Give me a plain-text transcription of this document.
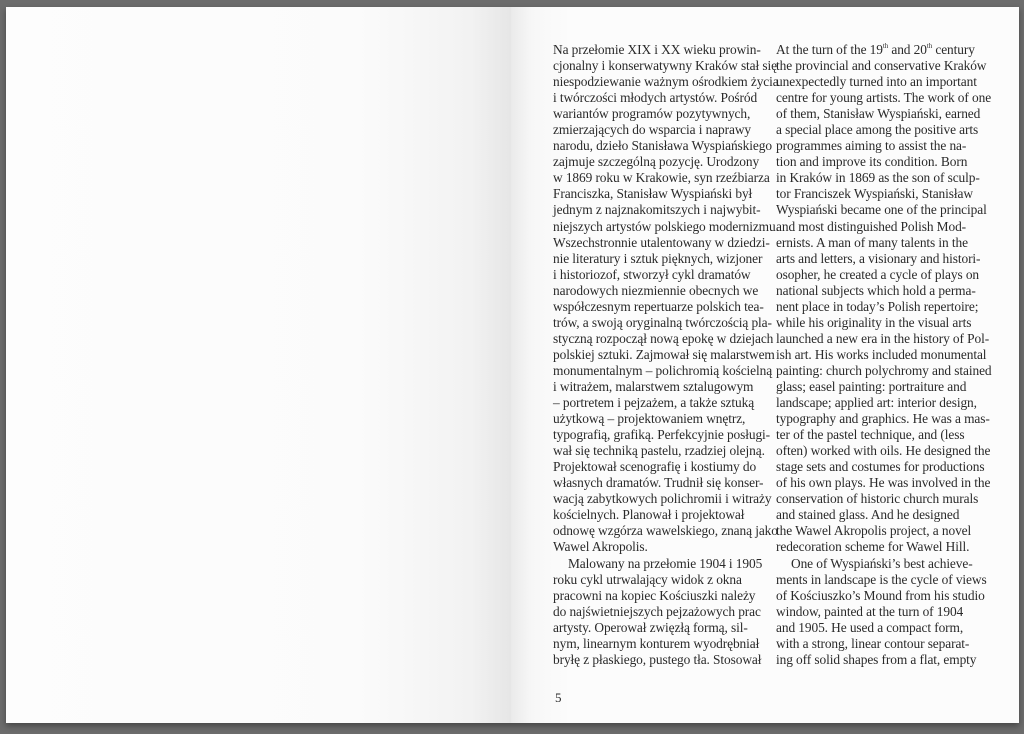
Na przełomie XIX i XX wieku prowin-
cjonalny i konserwatywny Kraków stał się
niespodziewanie ważnym ośrodkiem życia
i twórczości młodych artystów. Pośród
wariantów programów pozytywnych,
zmierzających do wsparcia i naprawy
narodu, dzieło Stanisława Wyspiańskiego
zajmuje szczególną pozycję. Urodzony
w 1869 roku w Krakowie, syn rzeźbiarza
Franciszka, Stanisław Wyspiański był
jednym z najznakomitszych i najwybit-
niejszych artystów polskiego modernizmu.
Wszechstronnie utalentowany w dziedzi-
nie literatury i sztuk pięknych, wizjoner
i historiozof, stworzył cykl dramatów
narodowych niezmiennie obecnych we
współczesnym repertuarze polskich tea-
trów, a swoją oryginalną twórczością pla-
styczną rozpoczął nową epokę w dziejach
polskiej sztuki. Zajmował się malarstwem
monumentalnym – polichromią kościelną
i witrażem, malarstwem sztalugowym
– portretem i pejzażem, a także sztuką
użytkową – projektowaniem wnętrz,
typografią, grafiką. Perfekcyjnie posługi-
wał się techniką pastelu, rzadziej olejną.
Projektował scenografię i kostiumy do
własnych dramatów. Trudnił się konser-
wacją zabytkowych polichromii i witraży
kościelnych. Planował i projektował
odnowę wzgórza wawelskiego, znaną jako
Wawel Akropolis.
Malowany na przełomie 1904 i 1905
roku cykl utrwalający widok z okna
pracowni na kopiec Kościuszki należy
do najświetniejszych pejzażowych prac
artysty. Operował zwięzłą formą, sil-
nym, linearnym konturem wyodrębniał
bryłę z płaskiego, pustego tła. Stosował
At the turn of the 19th and 20th century
the provincial and conservative Kraków
unexpectedly turned into an important
centre for young artists. The work of one
of them, Stanisław Wyspiański, earned
a special place among the positive arts
programmes aiming to assist the na-
tion and improve its condition. Born
in Kraków in 1869 as the son of sculp-
tor Franciszek Wyspiański, Stanisław
Wyspiański became one of the principal
and most distinguished Polish Mod-
ernists. A man of many talents in the
arts and letters, a visionary and histori-
osopher, he created a cycle of plays on
national subjects which hold a perma-
nent place in today’s Polish repertoire;
while his originality in the visual arts
launched a new era in the history of Pol-
ish art. His works included monumental
painting: church polychromy and stained
glass; easel painting: portraiture and
landscape; applied art: interior design,
typography and graphics. He was a mas-
ter of the pastel technique, and (less
often) worked with oils. He designed the
stage sets and costumes for productions
of his own plays. He was involved in the
conservation of historic church murals
and stained glass. And he designed
the Wawel Akropolis project, a novel
redecoration scheme for Wawel Hill.
One of Wyspiański’s best achieve-
ments in landscape is the cycle of views
of Kościuszko’s Mound from his studio
window, painted at the turn of 1904
and 1905. He used a compact form,
with a strong, linear contour separat-
ing off solid shapes from a flat, empty
5
